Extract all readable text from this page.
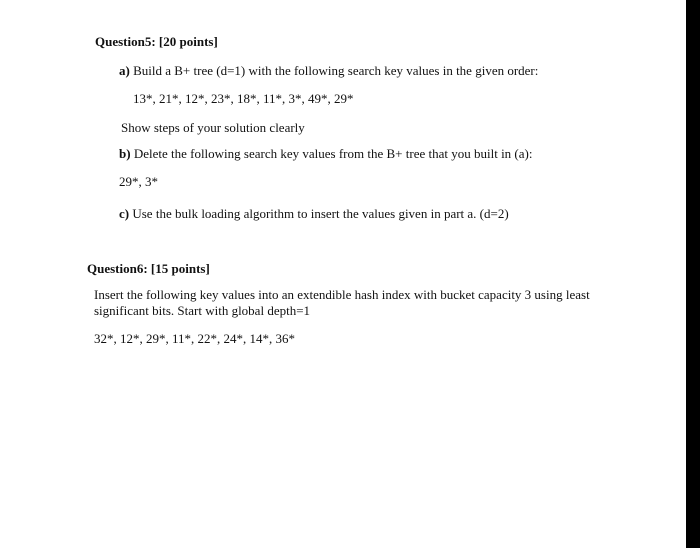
Question5: [20 points]
a) Build a B+ tree (d=1) with the following search key values in the given order:
13*, 21*, 12*, 23*, 18*, 11*, 3*, 49*, 29*
Show steps of your solution clearly
b) Delete the following search key values from the B+ tree that you built in (a):
29*, 3*
c) Use the bulk loading algorithm to insert the values given in part a. (d=2)
Question6: [15 points]
Insert the following key values into an extendible hash index with bucket capacity 3 using least significant bits. Start with global depth=1
32*, 12*, 29*, 11*, 22*, 24*, 14*, 36*
